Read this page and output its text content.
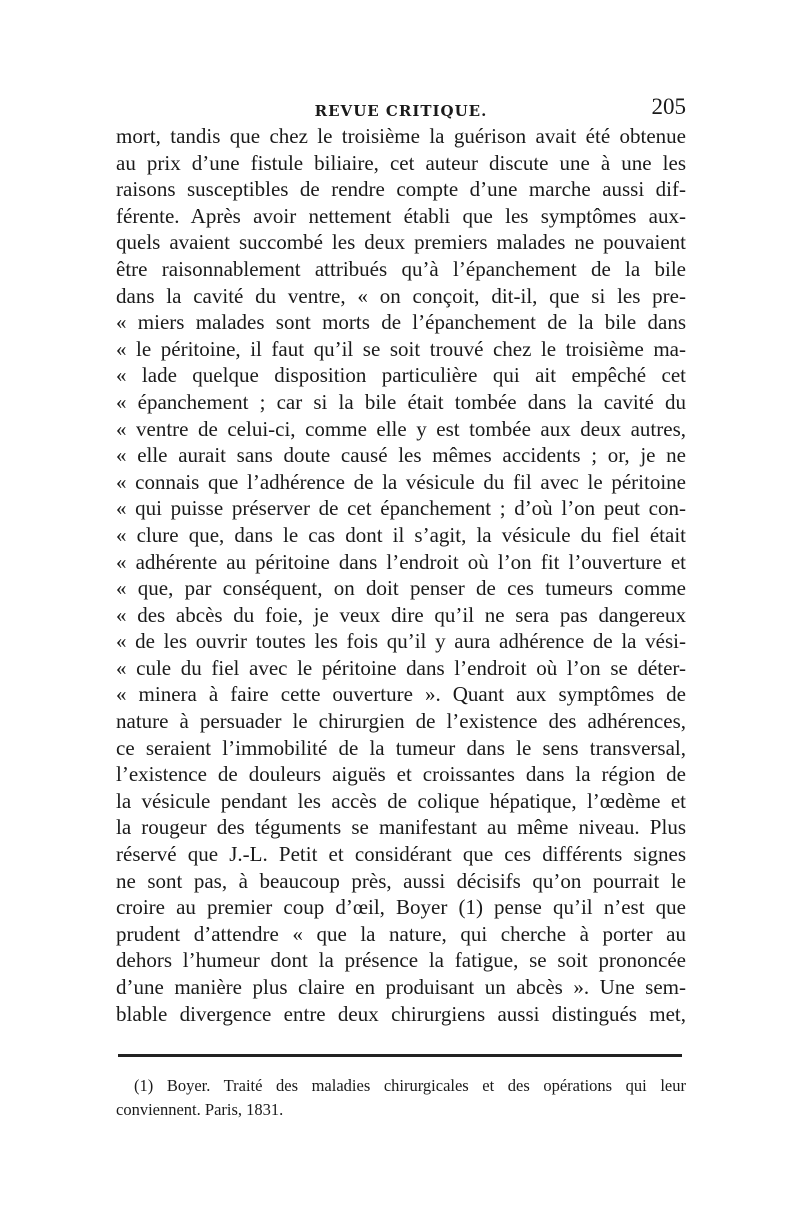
REVUE CRITIQUE.	205
mort, tandis que chez le troisième la guérison avait été obtenue
au prix d’une fistule biliaire, cet auteur discute une à une les
raisons susceptibles de rendre compte d’une marche aussi dif-
férente. Après avoir nettement établi que les symptômes aux-
quels avaient succombé les deux premiers malades ne pouvaient
être raisonnablement attribués qu’à l’épanchement de la bile
dans la cavité du ventre, « on conçoit, dit-il, que si les pre-
« miers malades sont morts de l’épanchement de la bile dans
« le péritoine, il faut qu’il se soit trouvé chez le troisième ma-
« lade quelque disposition particulière qui ait empêché cet
« épanchement ; car si la bile était tombée dans la cavité du
« ventre de celui-ci, comme elle y est tombée aux deux autres,
« elle aurait sans doute causé les mêmes accidents ; or, je ne
« connais que l’adhérence de la vésicule du fil avec le péritoine
« qui puisse préserver de cet épanchement ; d’où l’on peut con-
« clure que, dans le cas dont il s’agit, la vésicule du fiel était
« adhérente au péritoine dans l’endroit où l’on fit l’ouverture et
« que, par conséquent, on doit penser de ces tumeurs comme
« des abcès du foie, je veux dire qu’il ne sera pas dangereux
« de les ouvrir toutes les fois qu’il y aura adhérence de la vési-
« cule du fiel avec le péritoine dans l’endroit où l’on se déter-
« minera à faire cette ouverture ». Quant aux symptômes de
nature à persuader le chirurgien de l’existence des adhérences,
ce seraient l’immobilité de la tumeur dans le sens transversal,
l’existence de douleurs aiguës et croissantes dans la région de
la vésicule pendant les accès de colique hépatique, l’œdème et
la rougeur des téguments se manifestant au même niveau. Plus
réservé que J.-L. Petit et considérant que ces différents signes
ne sont pas, à beaucoup près, aussi décisifs qu’on pourrait le
croire au premier coup d’œil, Boyer (1) pense qu’il n’est que
prudent d’attendre « que la nature, qui cherche à porter au
dehors l’humeur dont la présence la fatigue, se soit prononcée
d’une manière plus claire en produisant un abcès ». Une sem-
blable divergence entre deux chirurgiens aussi distingués met,
(1) Boyer. Traité des maladies chirurgicales et des opérations qui leur
conviennent. Paris, 1831.
